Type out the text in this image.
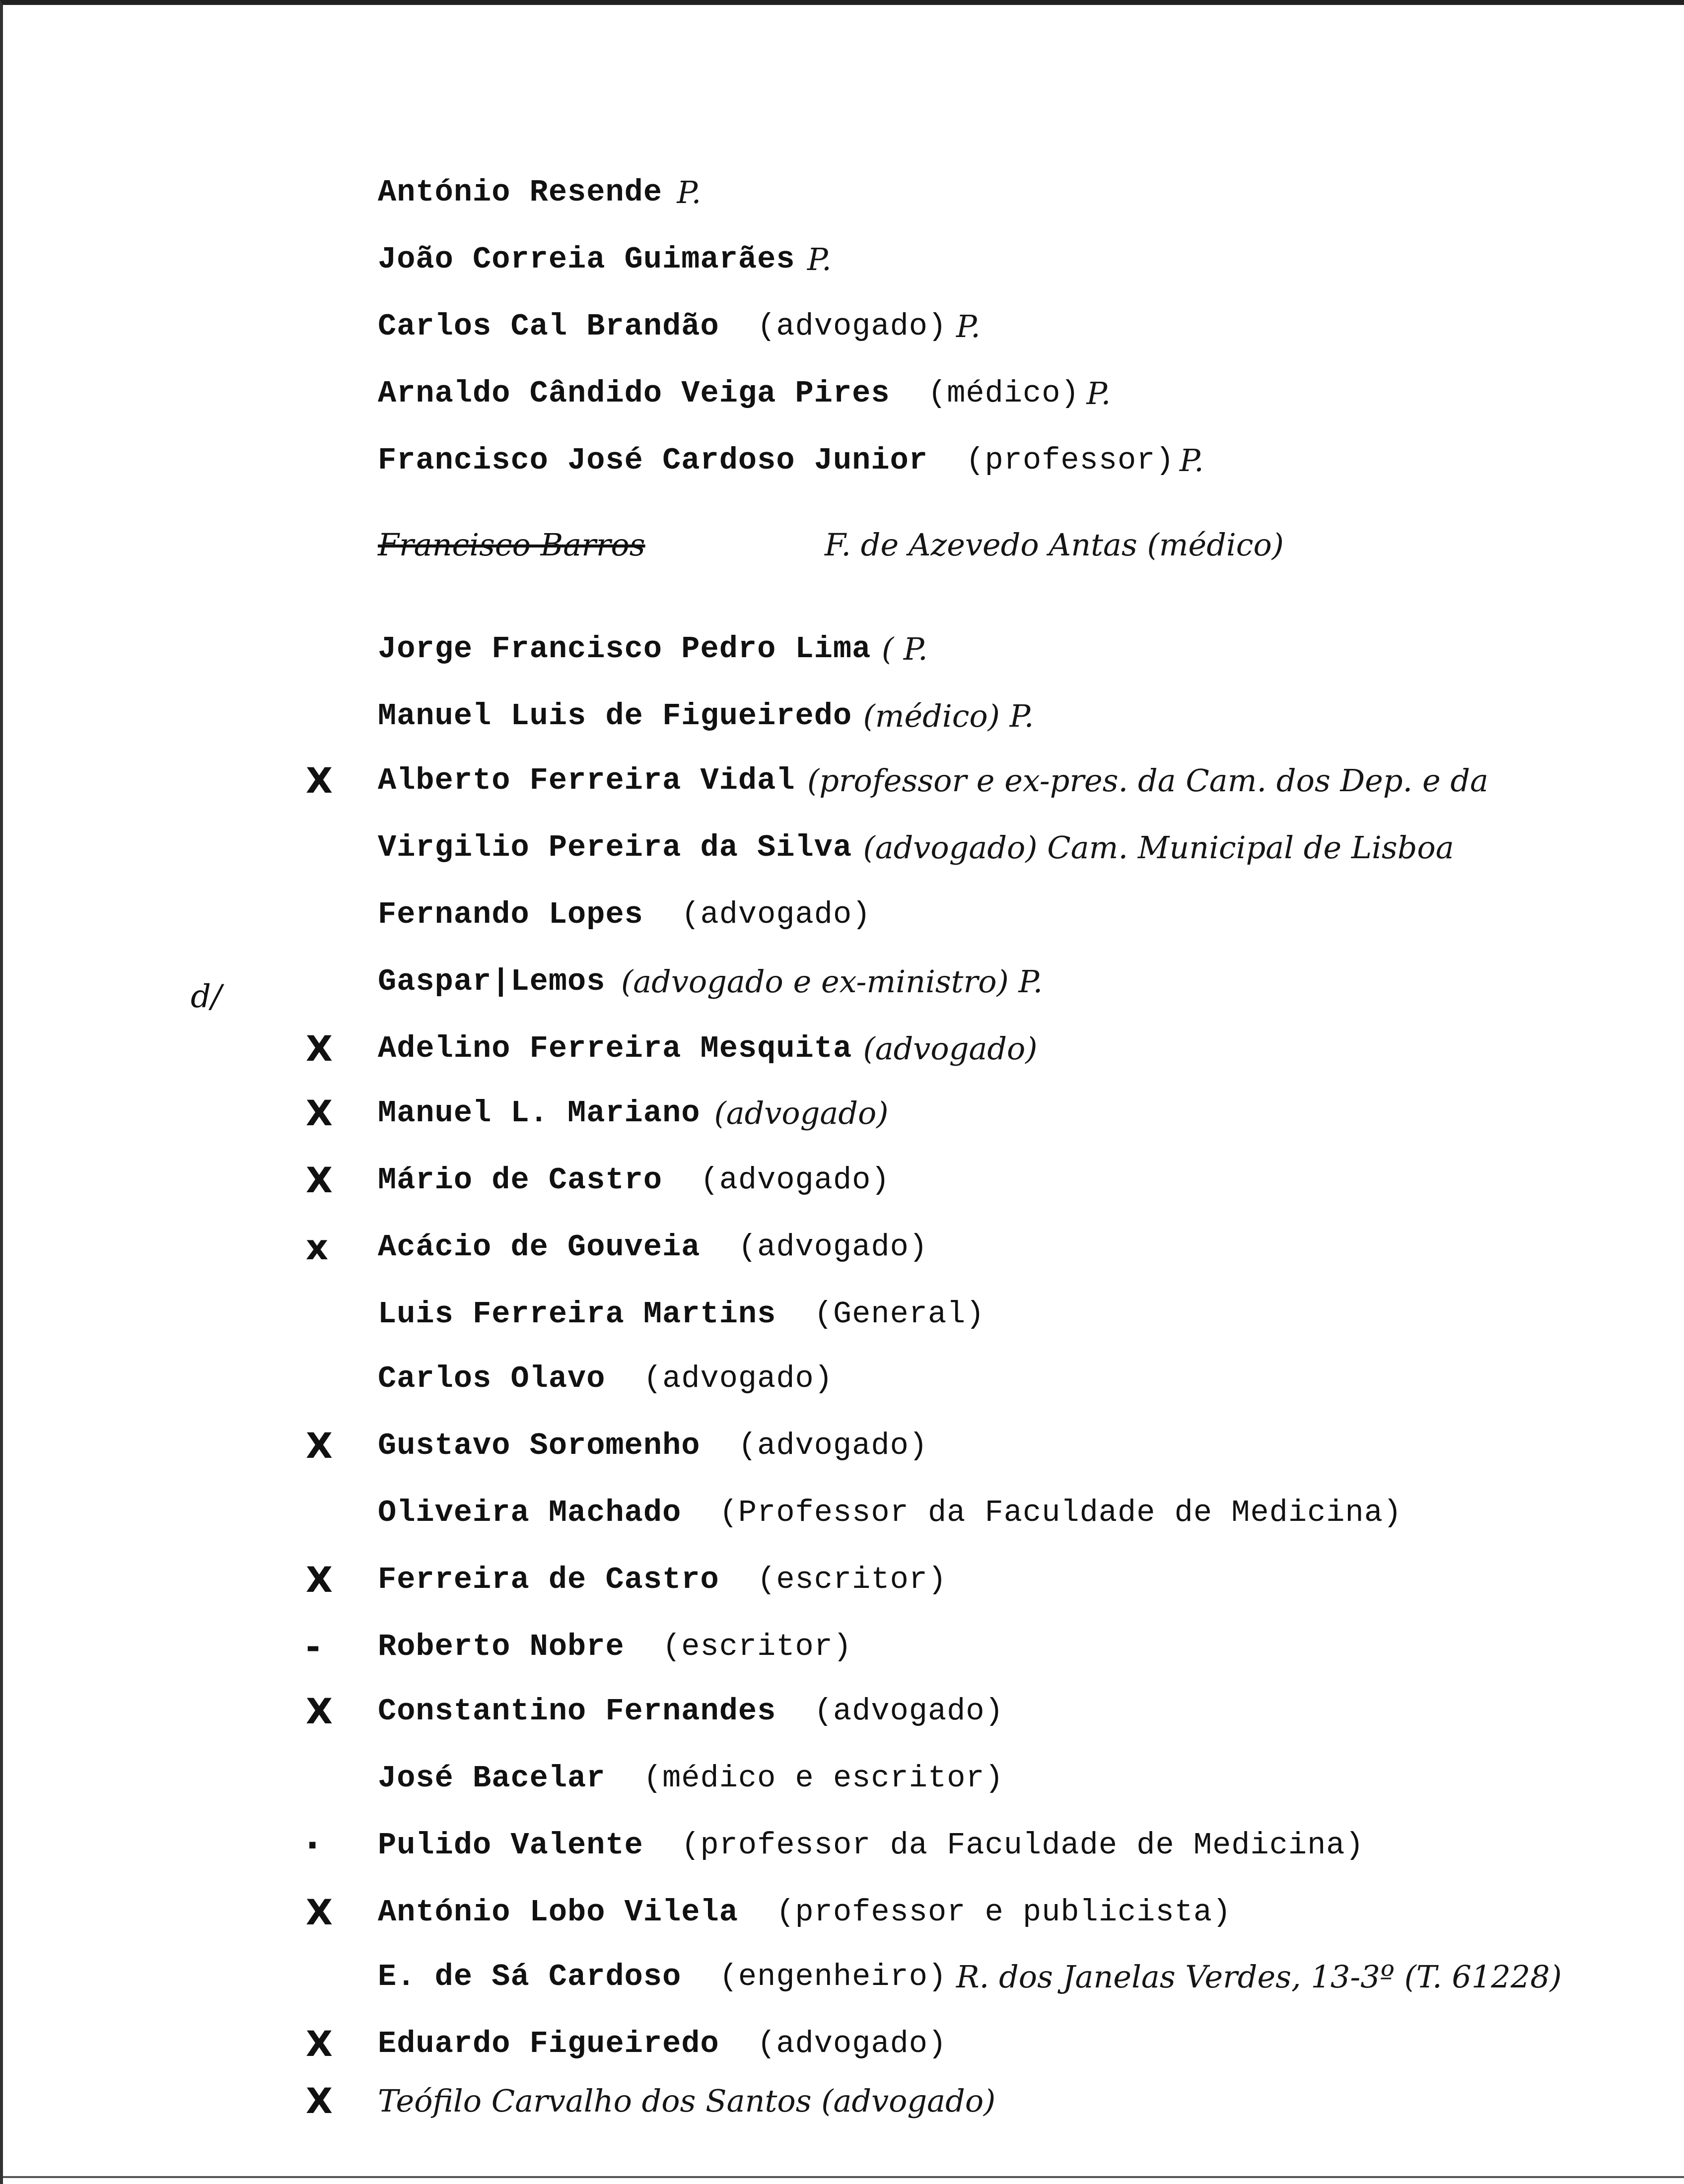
d/
António Resende P.
João Correia Guimarães P.
Carlos Cal Brandão  (advogado) P.
Arnaldo Cândido Veiga Pires  (médico) P.
Francisco José Cardoso Junior  (professor) P.
Francisco Barros	F. de Azevedo Antas (médico)
Jorge Francisco Pedro Lima ( P.
Manuel Luis de Figueiredo (médico) P.
X Alberto Ferreira Vidal (professor e ex-pres. da Cam. dos Dep. e da
Virgilio Pereira da Silva (advogado) Cam. Municipal de Lisboa
Fernando Lopes  (advogado)
Gaspar|Lemos (advogado e ex-ministro) P.
X Adelino Ferreira Mesquita (advogado)
X Manuel L. Mariano (advogado)
X Mário de Castro  (advogado)
x Acácio de Gouveia  (advogado)
Luis Ferreira Martins  (General)
Carlos Olavo  (advogado)
X Gustavo Soromenho  (advogado)
Oliveira Machado  (Professor da Faculdade de Medicina)
X Ferreira de Castro  (escritor)
- Roberto Nobre  (escritor)
X Constantino Fernandes  (advogado)
José Bacelar  (médico e escritor)
· Pulido Valente  (professor da Faculdade de Medicina)
X António Lobo Vilela  (professor e publicista)
E. de Sá Cardoso  (engenheiro) R. dos Janelas Verdes, 13-3º (T. 61228)
X Eduardo Figueiredo  (advogado)
X Teófilo Carvalho dos Santos (advogado)
